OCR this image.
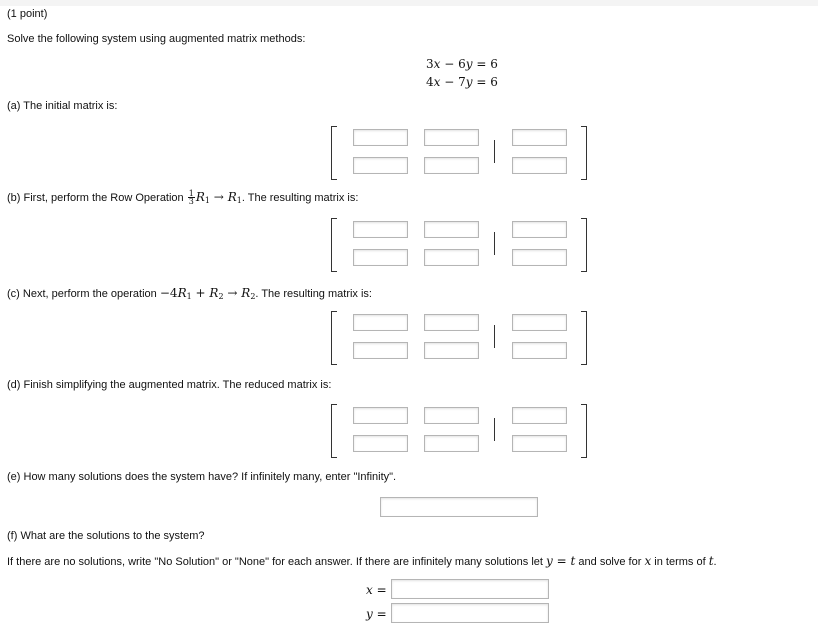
(1 point)
Solve the following system using augmented matrix methods:
3x − 6y = 6
4x − 7y = 6
(a) The initial matrix is:
(b) First, perform the Row Operation $\frac{1}{3} R_1 \to R_1$. The resulting matrix is:
(c) Next, perform the operation $-4R_1 + R_2 \to R_2$. The resulting matrix is:
(d) Finish simplifying the augmented matrix. The reduced matrix is:
(e) How many solutions does the system have? If infinitely many, enter "Infinity".
(f) What are the solutions to the system?
If there are no solutions, write "No Solution" or "None" for each answer. If there are infinitely many solutions let y = t and solve for x in terms of t.
x =
y =
